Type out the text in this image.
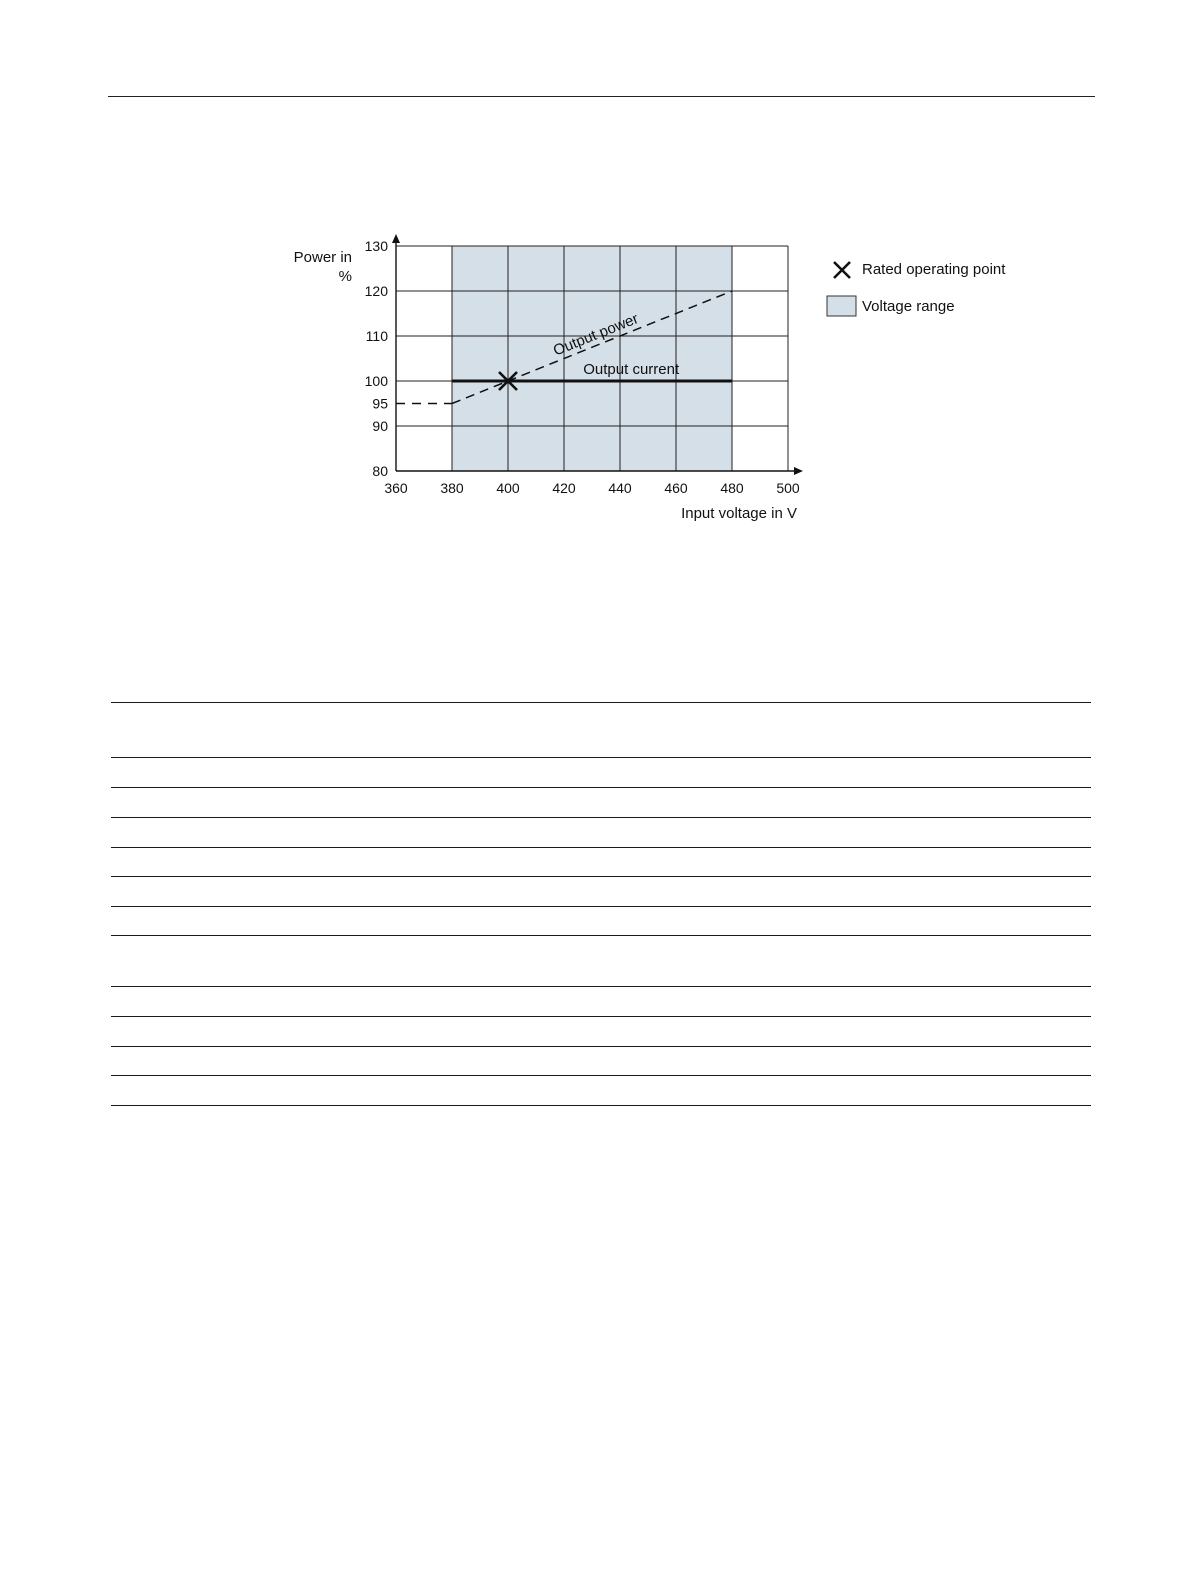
360 380 400 420 440 460 480 500
80
90
95
100
110
120
130
Power in
%
Input voltage in V
Output power
Output current
Rated operating point
Voltage range
